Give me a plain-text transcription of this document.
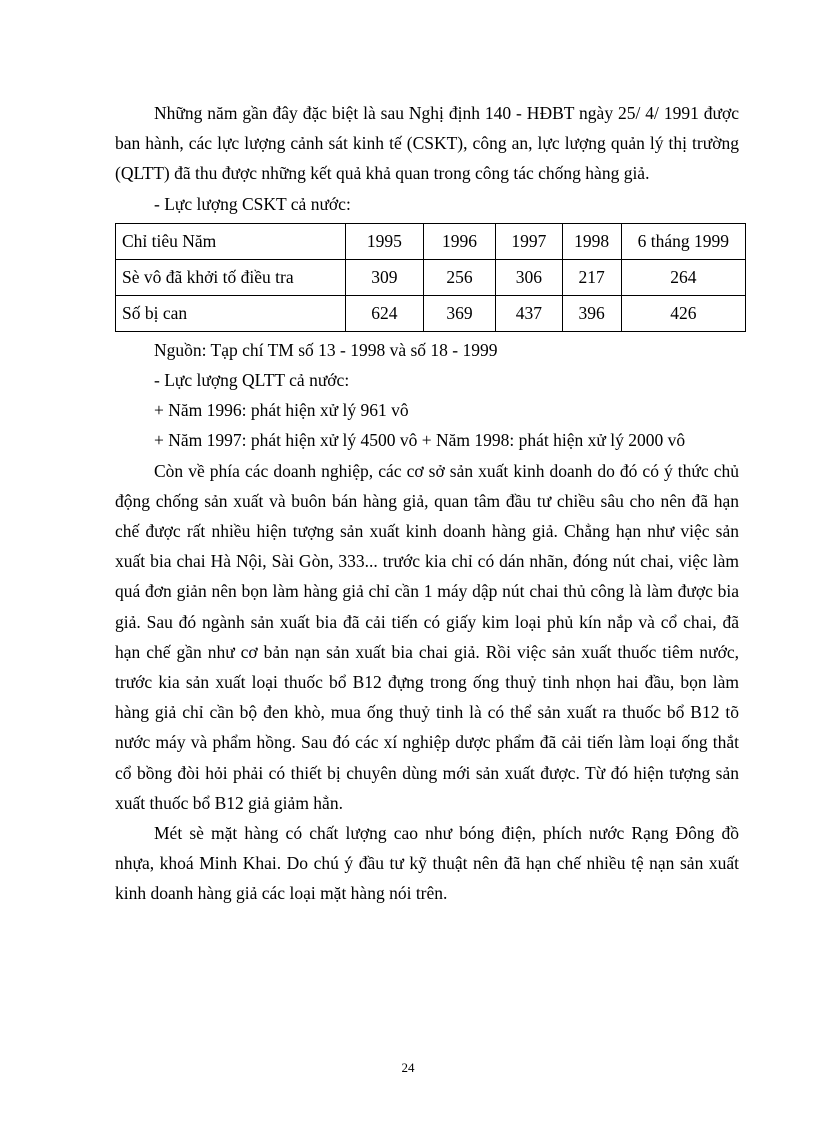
Những năm gần đây đặc biệt là sau Nghị định 140 - HĐBT ngày 25/ 4/ 1991 được ban hành, các lực lượng cảnh sát kinh tế (CSKT), công an, lực lượng quản lý thị trường (QLTT) đã thu được những kết quả khả quan trong công tác chống hàng giả.

- Lực lượng CSKT cả nước:

Chỉ tiêu Năm	1995	1996	1997	1998	6 tháng 1999
Sè vô đã khởi tố điều tra	309	256	306	217	264
Số bị can	624	369	437	396	426

Nguồn: Tạp chí TM số 13 - 1998 và số 18 - 1999

- Lực lượng QLTT cả nước:

+ Năm 1996: phát hiện xử lý 961 vô

+ Năm 1997: phát hiện xử lý 4500 vô + Năm 1998: phát hiện xử lý 2000 vô

Còn về phía các doanh nghiệp, các cơ sở sản xuất kinh doanh do đó có ý thức chủ động chống sản xuất và buôn bán hàng giả, quan tâm đầu tư chiều sâu cho nên đã hạn chế được rất nhiều hiện tượng sản xuất kinh doanh hàng giả. Chẳng hạn như việc sản xuất bia chai Hà Nội, Sài Gòn, 333... trước kia chỉ có dán nhãn, đóng nút chai, việc làm quá đơn giản nên bọn làm hàng giả chỉ cần 1 máy dập nút chai thủ công là làm được bia giả. Sau đó ngành sản xuất bia đã cải tiến có giấy kim loại phủ kín nắp và cổ chai, đã hạn chế gần như cơ bản nạn sản xuất bia chai giả. Rồi việc sản xuất thuốc tiêm nước, trước kia sản xuất loại thuốc bổ B12 đựng trong ống thuỷ tinh nhọn hai đầu, bọn làm hàng giả chỉ cần bộ đen khò, mua ống thuỷ tinh là có thể sản xuất ra thuốc bổ B12 tõ nước máy và phẩm hồng. Sau đó các xí nghiệp dược phẩm đã cải tiến làm loại ống thắt cổ bồng đòi hỏi phải có thiết bị chuyên dùng mới sản xuất được. Từ đó hiện tượng sản xuất thuốc bổ B12 giả giảm hẳn.

Mét sè mặt hàng có chất lượng cao như bóng điện, phích nước Rạng Đông đồ nhựa, khoá Minh Khai. Do chú ý đầu tư kỹ thuật nên đã hạn chế nhiều tệ nạn sản xuất kinh doanh hàng giả các loại mặt hàng nói trên.

24
